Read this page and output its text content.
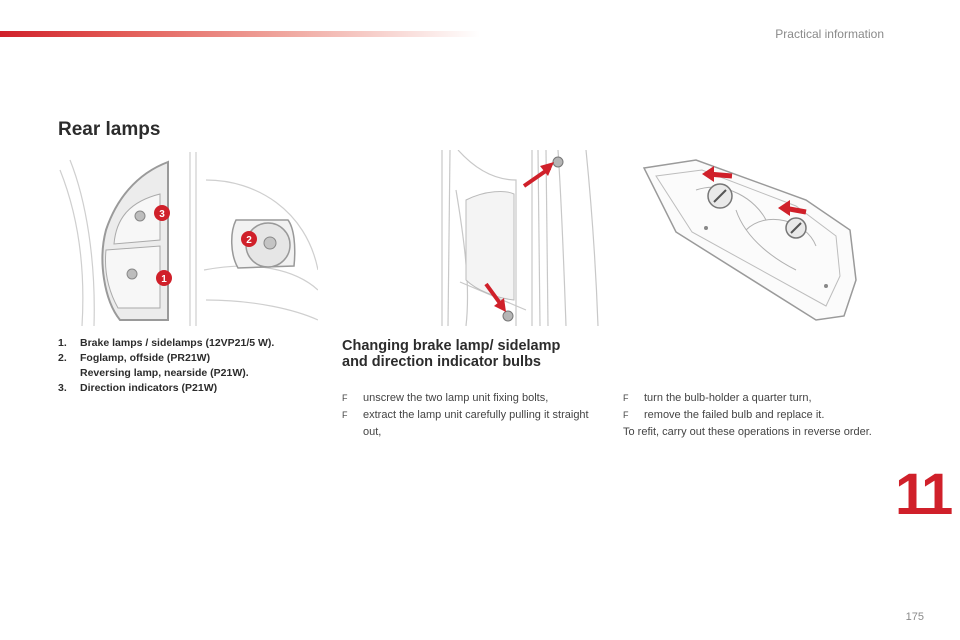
Practical information
Rear lamps
3
1
2
1.	Brake lamps / sidelamps (12VP21/5 W).
2.	Foglamp, offside (PR21W)
Reversing lamp, nearside (P21W).
3.	Direction indicators (P21W)
Changing brake lamp/ sidelamp
and direction indicator bulbs
F	unscrew the two lamp unit fixing bolts,
F	extract the lamp unit carefully pulling it straight out,
F	turn the bulb-holder a quarter turn,
F	remove the failed bulb and replace it.
To refit, carry out these operations in reverse order.
11
175
